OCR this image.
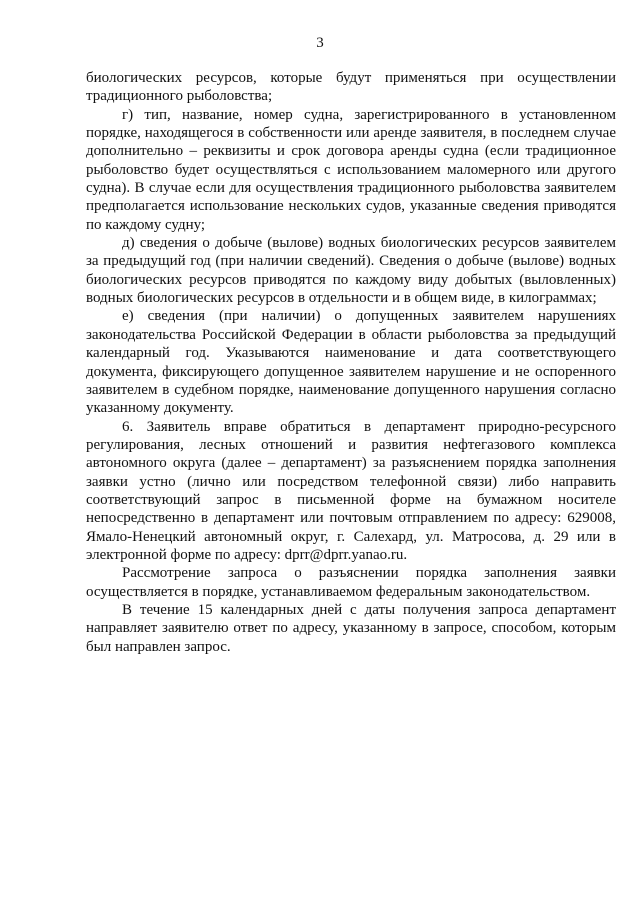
3

биологических ресурсов, которые будут применяться при осуществлении традиционного рыболовства;

г) тип, название, номер судна, зарегистрированного в установленном порядке, находящегося в собственности или аренде заявителя, в последнем случае дополнительно – реквизиты и срок договора аренды судна (если традиционное рыболовство будет осуществляться с использованием маломерного или другого судна). В случае если для осуществления традиционного рыболовства заявителем предполагается использование нескольких судов, указанные сведения приводятся по каждому судну;

д) сведения о добыче (вылове) водных биологических ресурсов заявителем за предыдущий год (при наличии сведений). Сведения о добыче (вылове) водных биологических ресурсов приводятся по каждому виду добытых (выловленных) водных биологических ресурсов в отдельности и в общем виде, в килограммах;

е) сведения (при наличии) о допущенных заявителем нарушениях законодательства Российской Федерации в области рыболовства за предыдущий календарный год. Указываются наименование и дата соответствующего документа, фиксирующего допущенное заявителем нарушение и не оспоренного заявителем в судебном порядке, наименование допущенного нарушения согласно указанному документу.

6. Заявитель вправе обратиться в департамент природно-ресурсного регулирования, лесных отношений и развития нефтегазового комплекса автономного округа (далее – департамент) за разъяснением порядка заполнения заявки устно (лично или посредством телефонной связи) либо направить соответствующий запрос в письменной форме на бумажном носителе непосредственно в департамент или почтовым отправлением по адресу: 629008, Ямало-Ненецкий автономный округ, г. Салехард, ул. Матросова, д. 29 или в электронной форме по адресу: dprr@dprr.yanao.ru.

Рассмотрение запроса о разъяснении порядка заполнения заявки осуществляется в порядке, устанавливаемом федеральным законодательством.

В течение 15 календарных дней с даты получения запроса департамент направляет заявителю ответ по адресу, указанному в запросе, способом, которым был направлен запрос.
